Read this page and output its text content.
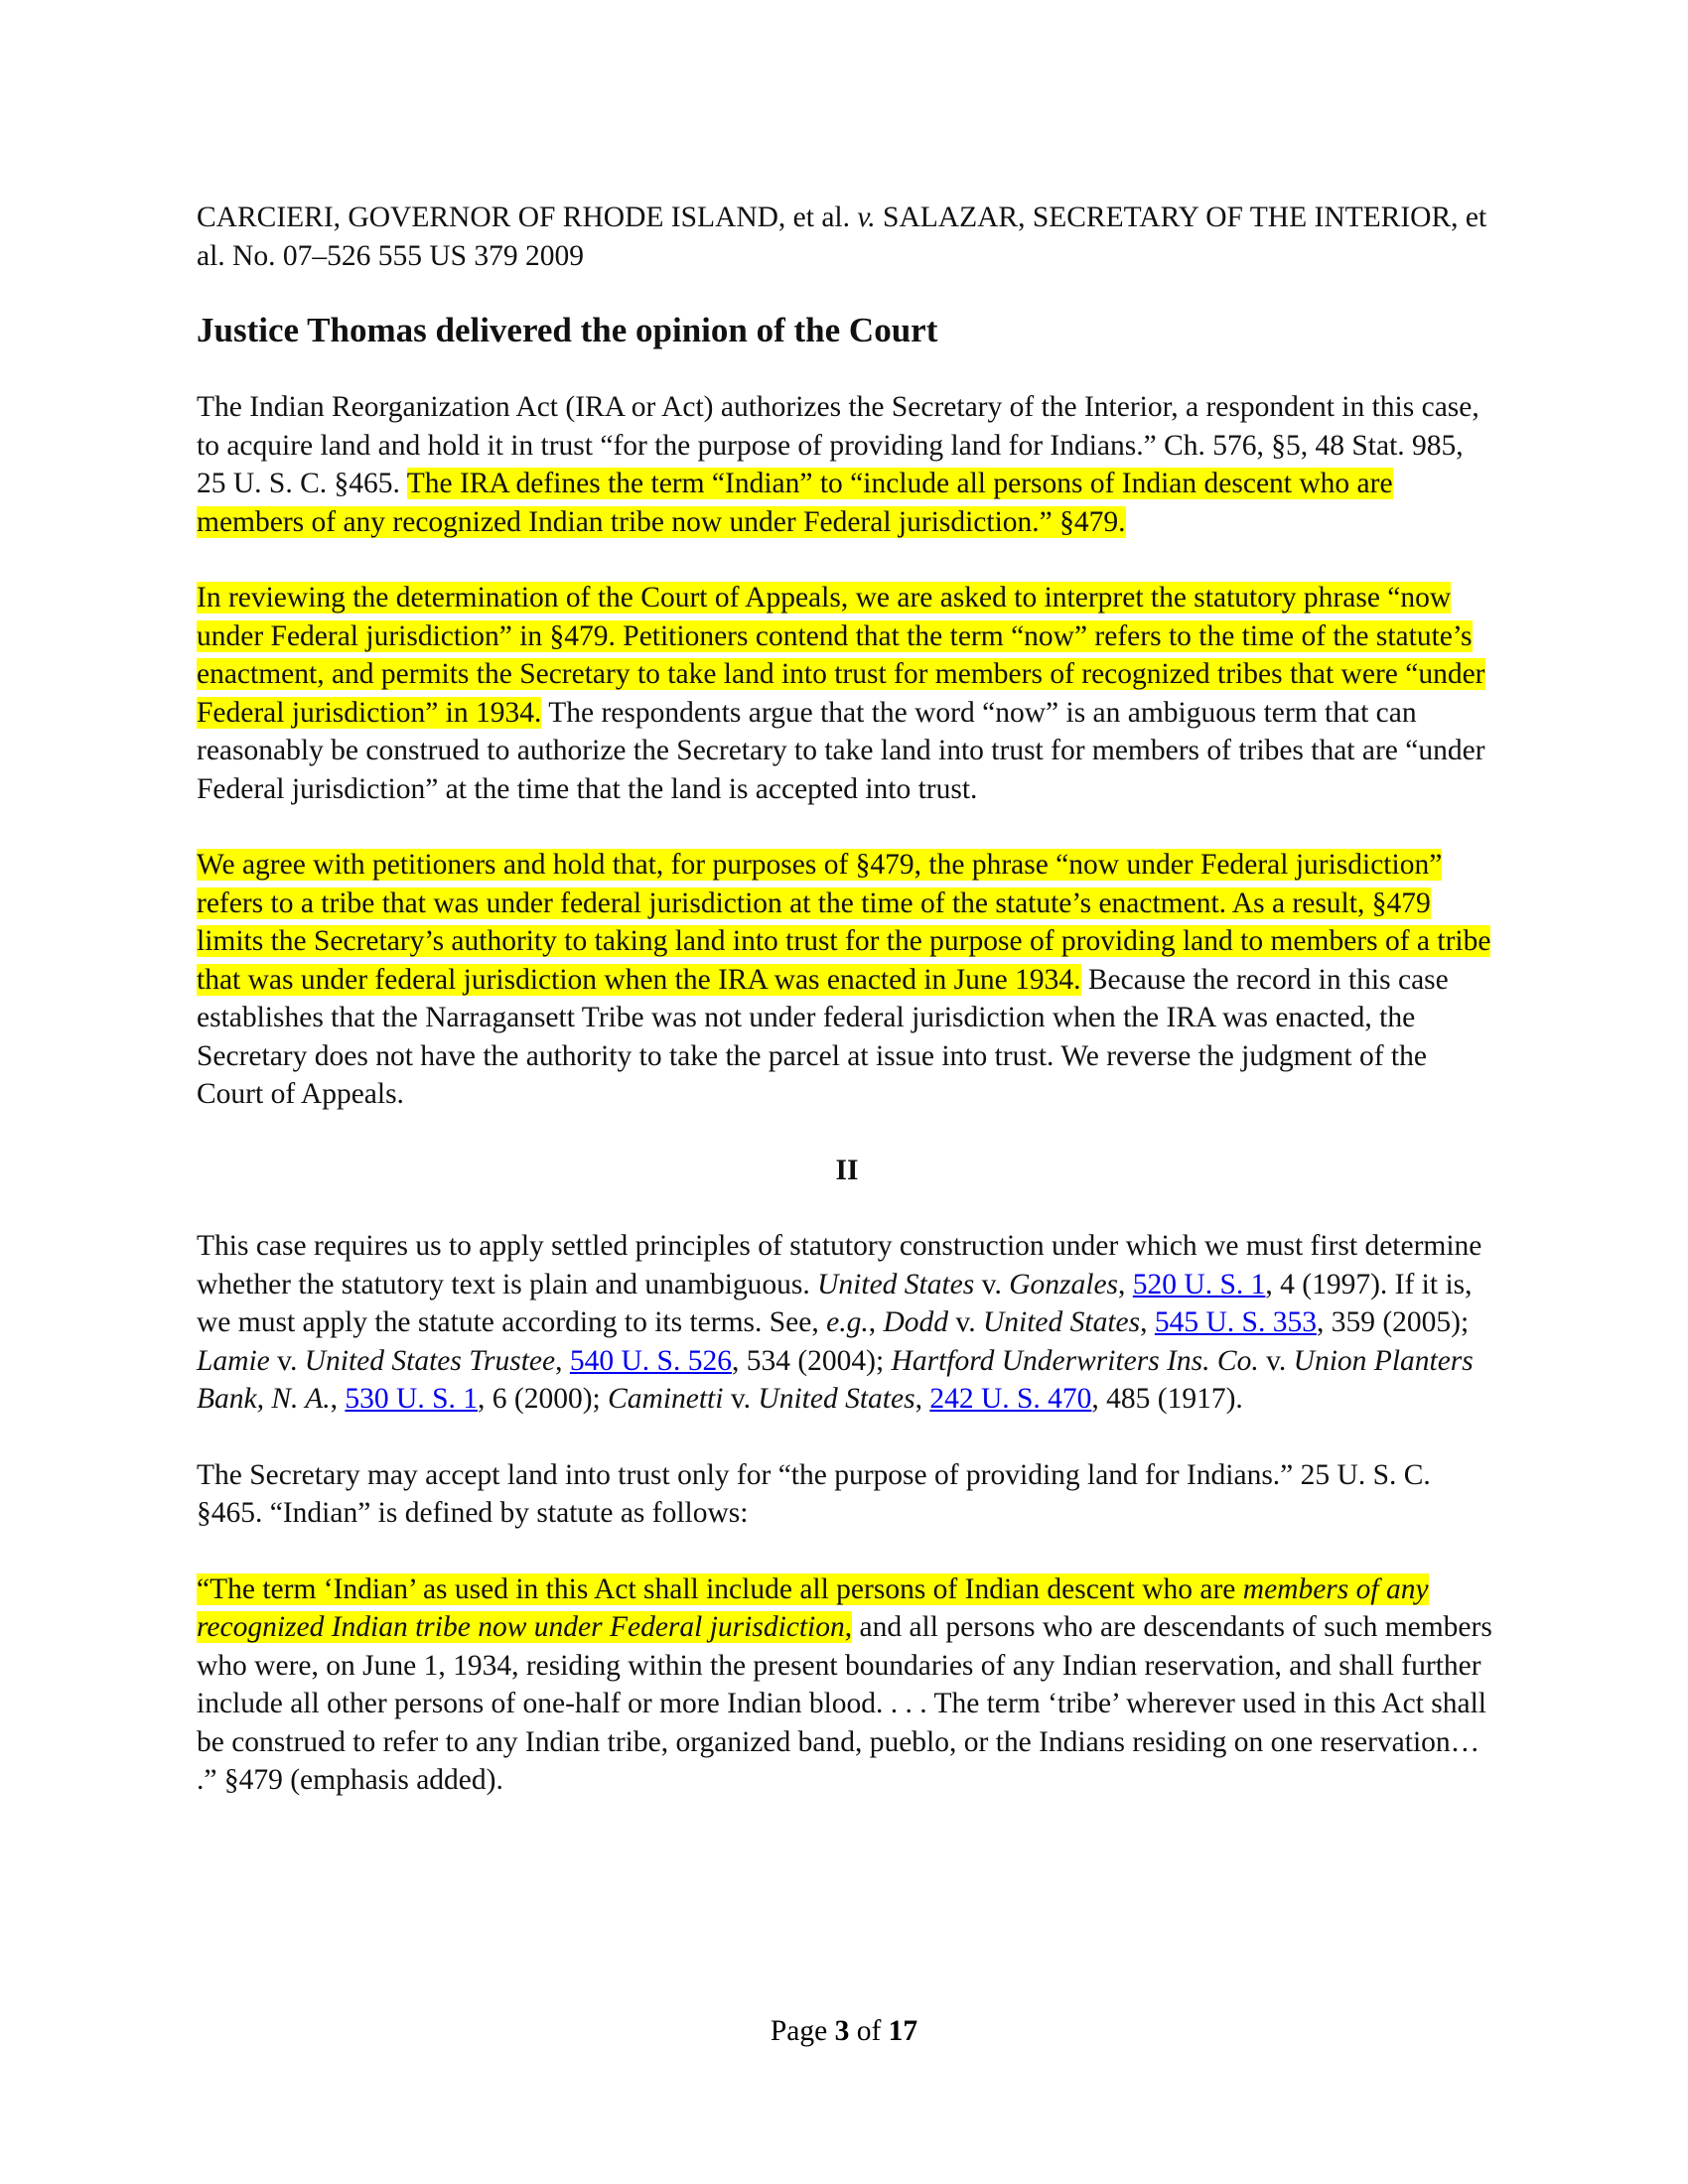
CARCIERI, GOVERNOR OF RHODE ISLAND, et al. v. SALAZAR, SECRETARY OF THE INTERIOR, et al. No. 07–526 555 US 379 2009

Justice Thomas delivered the opinion of the Court

The Indian Reorganization Act (IRA or Act) authorizes the Secretary of the Interior, a respondent in this case, to acquire land and hold it in trust “for the purpose of providing land for Indians.” Ch. 576, §5, 48 Stat. 985, 25 U. S. C. §465. The IRA defines the term “Indian” to “include all persons of Indian descent who are members of any recognized Indian tribe now under Federal jurisdiction.” §479.

In reviewing the determination of the Court of Appeals, we are asked to interpret the statutory phrase “now under Federal jurisdiction” in §479. Petitioners contend that the term “now” refers to the time of the statute’s enactment, and permits the Secretary to take land into trust for members of recognized tribes that were “under Federal jurisdiction” in 1934. The respondents argue that the word “now” is an ambiguous term that can reasonably be construed to authorize the Secretary to take land into trust for members of tribes that are “under Federal jurisdiction” at the time that the land is accepted into trust.

We agree with petitioners and hold that, for purposes of §479, the phrase “now under Federal jurisdiction” refers to a tribe that was under federal jurisdiction at the time of the statute’s enactment. As a result, §479 limits the Secretary’s authority to taking land into trust for the purpose of providing land to members of a tribe that was under federal jurisdiction when the IRA was enacted in June 1934. Because the record in this case establishes that the Narragansett Tribe was not under federal jurisdiction when the IRA was enacted, the Secretary does not have the authority to take the parcel at issue into trust. We reverse the judgment of the Court of Appeals.

II

This case requires us to apply settled principles of statutory construction under which we must first determine whether the statutory text is plain and unambiguous. United States v. Gonzales, 520 U. S. 1, 4 (1997). If it is, we must apply the statute according to its terms. See, e.g., Dodd v. United States, 545 U. S. 353, 359 (2005); Lamie v. United States Trustee, 540 U. S. 526, 534 (2004); Hartford Underwriters Ins. Co. v. Union Planters Bank, N. A., 530 U. S. 1, 6 (2000); Caminetti v. United States, 242 U. S. 470, 485 (1917).

The Secretary may accept land into trust only for “the purpose of providing land for Indians.” 25 U. S. C. §465. “Indian” is defined by statute as follows:

“The term ‘Indian’ as used in this Act shall include all persons of Indian descent who are members of any recognized Indian tribe now under Federal jurisdiction, and all persons who are descendants of such members who were, on June 1, 1934, residing within the present boundaries of any Indian reservation, and shall further include all other persons of one-half or more Indian blood. . . . The term ‘tribe’ wherever used in this Act shall be construed to refer to any Indian tribe, organized band, pueblo, or the Indians residing on one reservation… .” §479 (emphasis added).

Page 3 of 17
